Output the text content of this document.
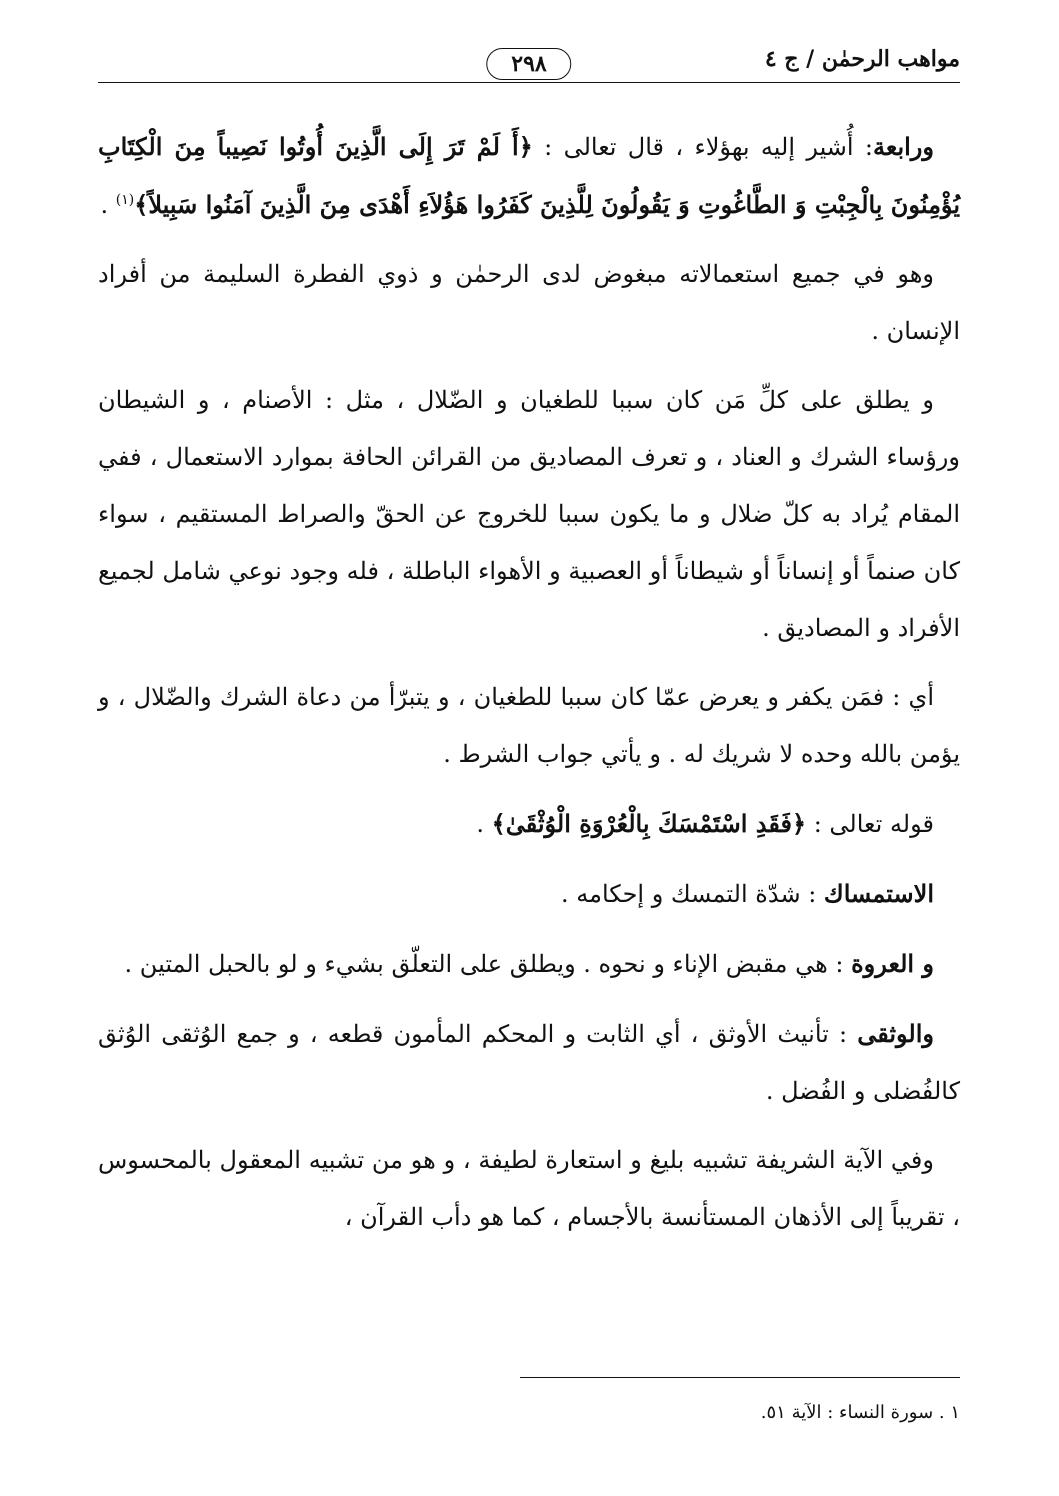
مواهب الرحمٰن / ج ٤
٢٩٨

ورابعة: أُشير إليه بهؤلاء ، قال تعالى : ﴿أَ لَمْ تَرَ إِلَى الَّذِينَ أُوتُوا نَصِيباً مِنَ الْكِتَابِ يُؤْمِنُونَ بِالْجِبْتِ وَ الطَّاغُوتِ وَ يَقُولُونَ لِلَّذِينَ كَفَرُوا هَؤُلاَءِ أَهْدَى مِنَ الَّذِينَ آمَنُوا سَبِيلاً﴾$^{(١)}$ .

وهو في جميع استعمالاته مبغوض لدى الرحمٰن و ذوي الفطرة السليمة من أفراد الإنسان .

و يطلق على كلِّ مَن كان سببا للطغيان و الضّلال ، مثل : الأصنام ، و الشيطان ورؤساء الشرك و العناد ، و تعرف المصاديق من القرائن الحافة بموارد الاستعمال ، ففي المقام يُراد به كلّ ضلال و ما يكون سببا للخروج عن الحقّ والصراط المستقيم ، سواء كان صنماً أو إنساناً أو شيطاناً أو العصبية و الأهواء الباطلة ، فله وجود نوعي شامل لجميع الأفراد و المصاديق .

أي : فمَن يكفر و يعرض عمّا كان سببا للطغيان ، و يتبرّأ من دعاة الشرك والضّلال ، و يؤمن بالله وحده لا شريك له . و يأتي جواب الشرط .

قوله تعالى : ﴿فَقَدِ اسْتَمْسَكَ بِالْعُرْوَةِ الْوُثْقَىٰ﴾ .

الاستمساك : شدّة التمسك و إحكامه .

و العروة : هي مقبض الإناء و نحوه . ويطلق على التعلّق بشيء و لو بالحبل المتين .

والوثقى : تأنيث الأوثق ، أي الثابت و المحكم المأمون قطعه ، و جمع الوُثقى الوُثق كالفُضلى و الفُضل .

وفي الآية الشريفة تشبيه بليغ و استعارة لطيفة ، و هو من تشبيه المعقول بالمحسوس ، تقريباً إلى الأذهان المستأنسة بالأجسام ، كما هو دأب القرآن ،

١ . سورة النساء : الآية ٥١.
